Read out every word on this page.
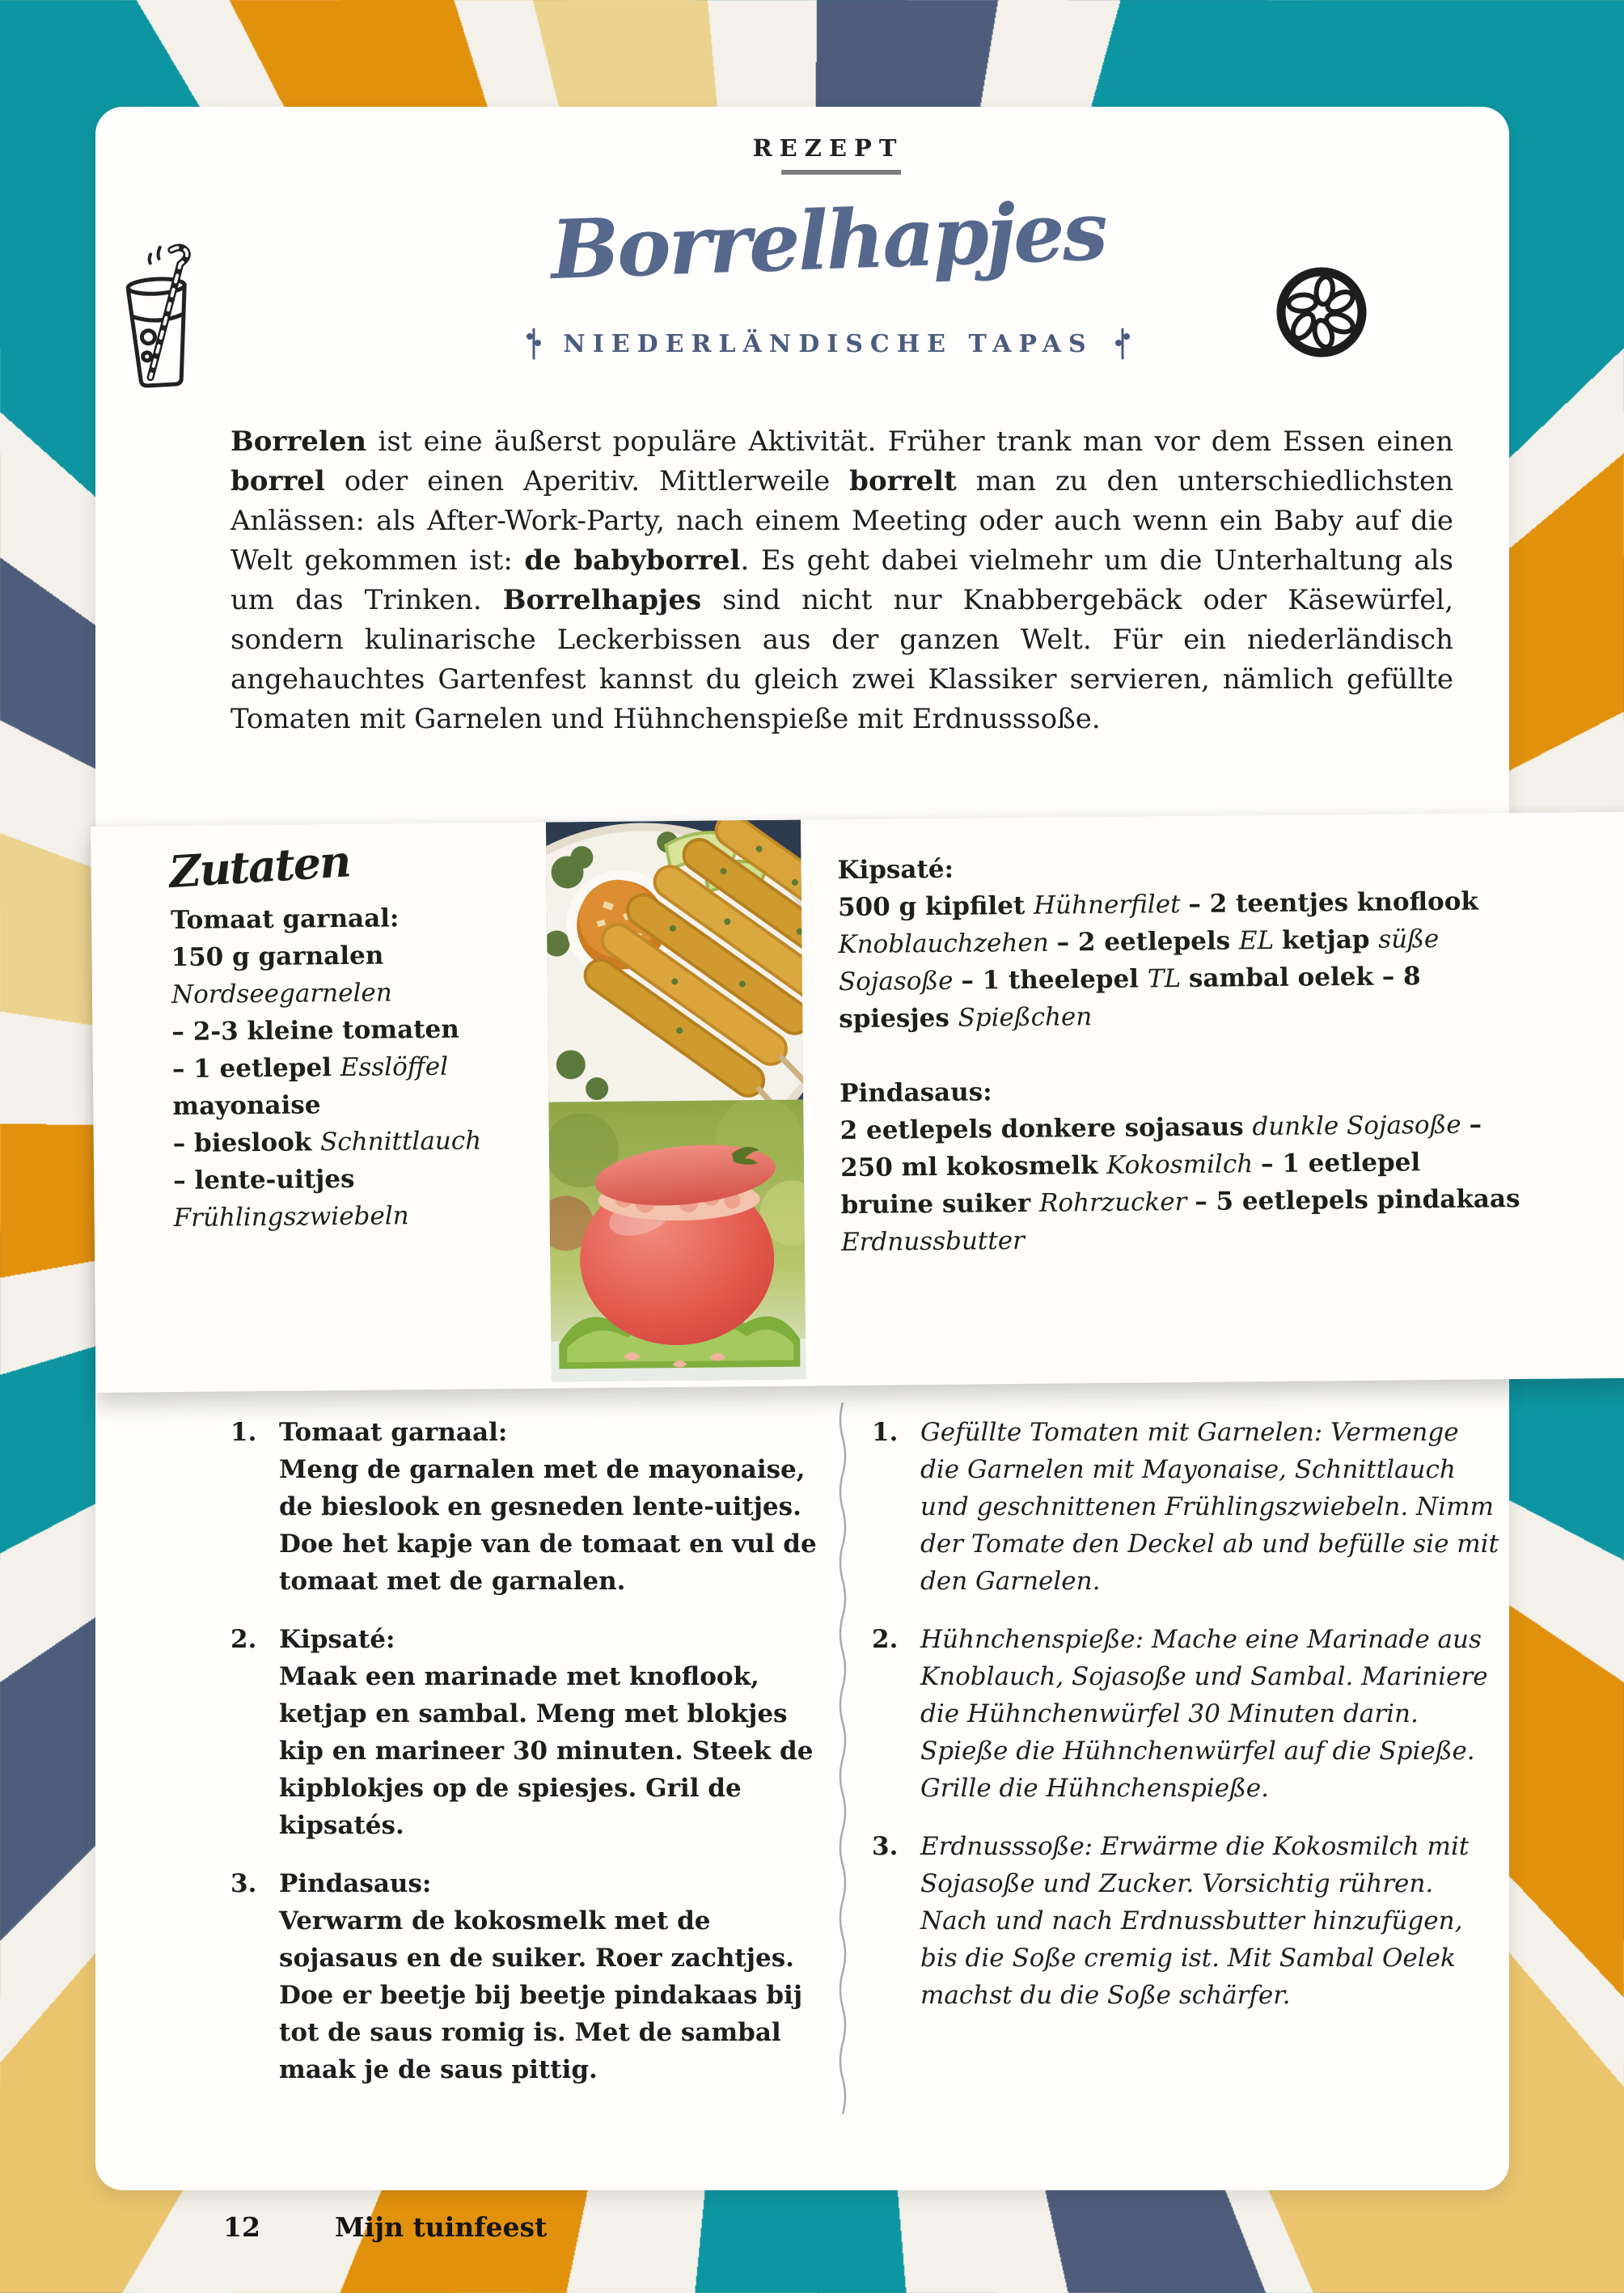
REZEPT
Borrelhapjes
NIEDERLÄNDISCHE TAPAS

Borrelen ist eine äußerst populäre Aktivität. Früher trank man vor dem Essen einen borrel oder einen Aperitiv. Mittlerweile borrelt man zu den unterschiedlichsten Anlässen: als After-Work-Party, nach einem Meeting oder auch wenn ein Baby auf die Welt gekommen ist: de babyborrel. Es geht dabei vielmehr um die Unterhaltung als um das Trinken. Borrelhapjes sind nicht nur Knabbergebäck oder Käsewürfel, sondern kulinarische Leckerbissen aus der ganzen Welt. Für ein niederländisch angehauchtes Gartenfest kannst du gleich zwei Klassiker servieren, nämlich gefüllte Tomaten mit Garnelen und Hühnchenspieße mit Erdnusssoße.

Zutaten
Tomaat garnaal:

150 g garnalen Nordseegarnelen

– 2-3 kleine tomaten

– 1 eetlepel Esslöffel mayonaise

– bieslook Schnittlauch

– lente-uitjes Frühlingszwiebeln

Kipsaté:

500 g kipfilet Hühnerfilet – 2 teentjes knoflook Knoblauchzehen – 2 eetlepels EL ketjap süße Sojasoße – 1 theelepel TL sambal oelek – 8 spiesjes Spießchen

Pindasaus:

2 eetlepels donkere sojasaus dunkle Sojasoße – 250 ml kokosmelk Kokosmilch – 1 eetlepel bruine suiker Rohrzucker – 5 eetlepels pindakaas Erdnussbutter

1. Tomaat garnaal:
Meng de garnalen met de mayonaise, de bieslook en gesneden lente-uitjes. Doe het kapje van de tomaat en vul de tomaat met de garnalen.
2. Kipsaté:
Maak een marinade met knoflook, ketjap en sambal. Meng met blokjes kip en marineer 30 minuten. Steek de kipblokjes op de spiesjes. Gril de kipsatés.
3. Pindasaus:
Verwarm de kokosmelk met de sojasaus en de suiker. Roer zachtjes. Doe er beetje bij beetje pindakaas bij tot de saus romig is. Met de sambal maak je de saus pittig.
1. Gefüllte Tomaten mit Garnelen: Vermenge die Garnelen mit Mayonaise, Schnittlauch und geschnittenen Frühlingszwiebeln. Nimm der Tomate den Deckel ab und befülle sie mit den Garnelen.
2. Hühnchenspieße: Mache eine Marinade aus Knoblauch, Sojasoße und Sambal. Mariniere die Hühnchenwürfel 30 Minuten darin. Spieße die Hühnchenwürfel auf die Spieße. Grille die Hühnchenspieße.
3. Erdnusssoße: Erwärme die Kokosmilch mit Sojasoße und Zucker. Vorsichtig rühren. Nach und nach Erdnussbutter hinzufügen, bis die Soße cremig ist. Mit Sambal Oelek machst du die Soße schärfer.
12	Mijn tuinfeest
